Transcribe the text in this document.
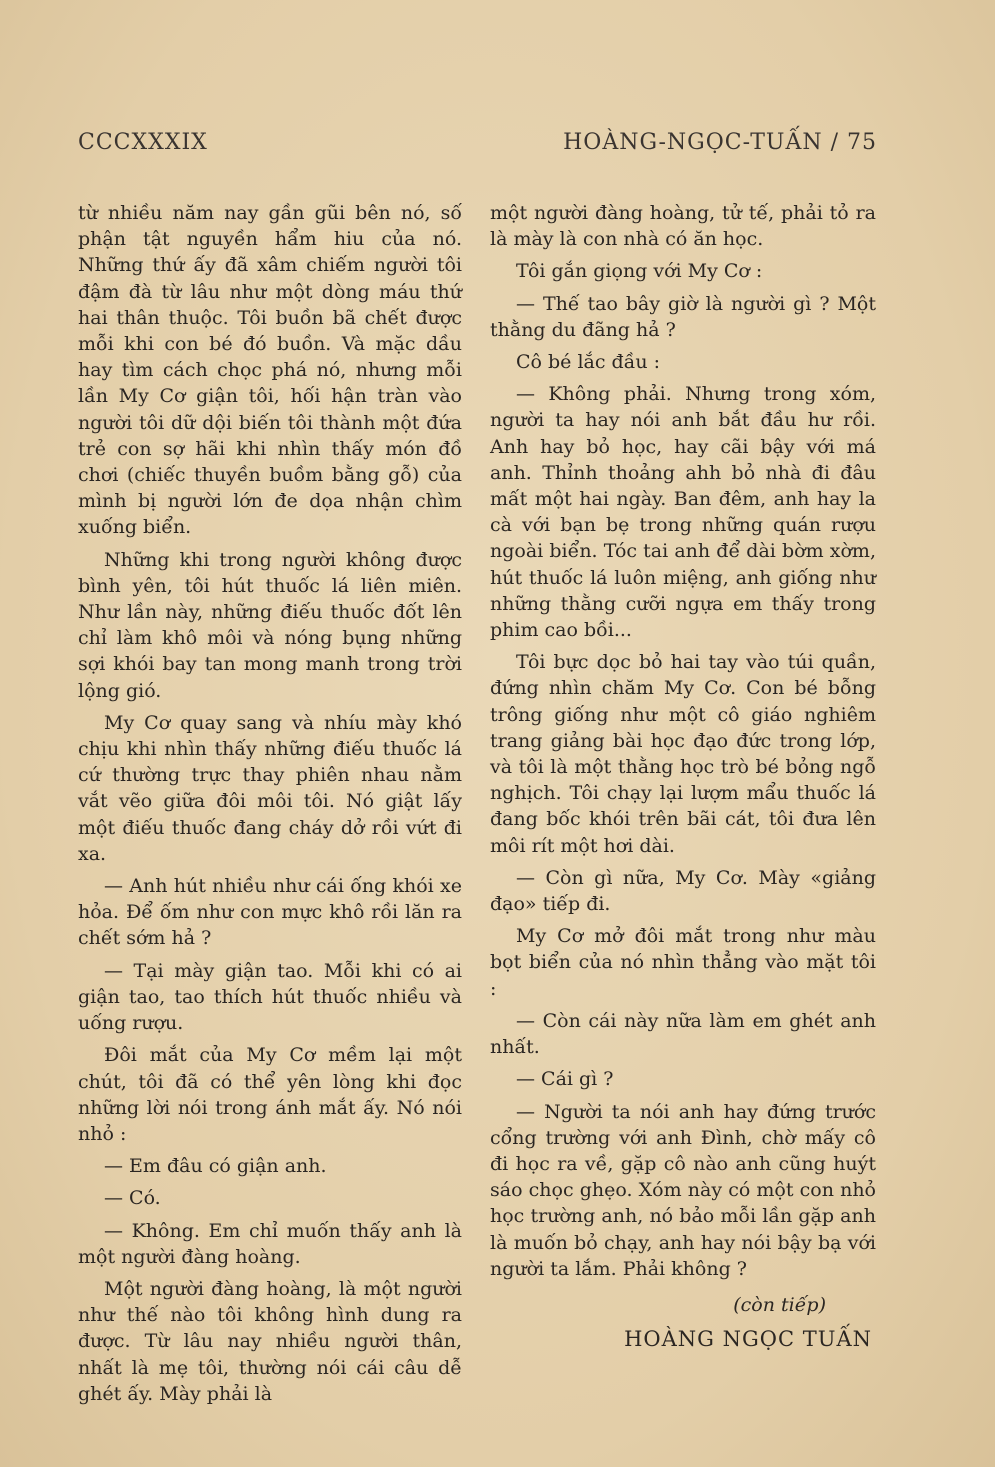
CCCXXXIX	HOÀNG-NGỌC-TUẤN / 75

từ nhiều năm nay gần gũi bên nó, số phận tật nguyền hẩm hiu của nó. Những thứ ấy đã xâm chiếm người tôi đậm đà từ lâu như một dòng máu thứ hai thân thuộc. Tôi buồn bã chết được mỗi khi con bé đó buồn. Và mặc dầu hay tìm cách chọc phá nó, nhưng mỗi lần My Cơ giận tôi, hối hận tràn vào người tôi dữ dội biến tôi thành một đứa trẻ con sợ hãi khi nhìn thấy món đồ chơi (chiếc thuyền buồm bằng gỗ) của mình bị người lớn đe dọa nhận chìm xuống biển.

Những khi trong người không được bình yên, tôi hút thuốc lá liên miên. Như lần này, những điếu thuốc đốt lên chỉ làm khô môi và nóng bụng những sợi khói bay tan mong manh trong trời lộng gió.

My Cơ quay sang và nhíu mày khó chịu khi nhìn thấy những điếu thuốc lá cứ thường trực thay phiên nhau nằm vắt vẽo giữa đôi môi tôi. Nó giật lấy một điếu thuốc đang cháy dở rồi vứt đi xa.

— Anh hút nhiều như cái ống khói xe hỏa. Để ốm như con mực khô rồi lăn ra chết sớm hả ?

— Tại mày giận tao. Mỗi khi có ai giận tao, tao thích hút thuốc nhiều và uống rượu.

Đôi mắt của My Cơ mềm lại một chút, tôi đã có thể yên lòng khi đọc những lời nói trong ánh mắt ấy. Nó nói nhỏ :

— Em đâu có giận anh.

— Có.

— Không. Em chỉ muốn thấy anh là một người đàng hoàng.

Một người đàng hoàng, là một người như thế nào tôi không hình dung ra được. Từ lâu nay nhiều người thân, nhất là mẹ tôi, thường nói cái câu dễ ghét ấy. Mày phải là

một người đàng hoàng, tử tế, phải tỏ ra là mày là con nhà có ăn học.

Tôi gắn giọng với My Cơ :

— Thế tao bây giờ là người gì ? Một thằng du đãng hả ?

Cô bé lắc đầu :

— Không phải. Nhưng trong xóm, người ta hay nói anh bắt đầu hư rồi. Anh hay bỏ học, hay cãi bậy với má anh. Thỉnh thoảng ahh bỏ nhà đi đâu mất một hai ngày. Ban đêm, anh hay la cà với bạn bẹ trong những quán rượu ngoài biển. Tóc tai anh để dài bờm xờm, hút thuốc lá luôn miệng, anh giống như những thằng cưỡi ngựa em thấy trong phim cao bồi...

Tôi bực dọc bỏ hai tay vào túi quần, đứng nhìn chăm My Cơ. Con bé bỗng trông giống như một cô giáo nghiêm trang giảng bài học đạo đức trong lớp, và tôi là một thằng học trò bé bỏng ngỗ nghịch. Tôi chạy lại lượm mẩu thuốc lá đang bốc khói trên bãi cát, tôi đưa lên môi rít một hơi dài.

— Còn gì nữa, My Cơ. Mày «giảng đạo» tiếp đi.

My Cơ mở đôi mắt trong như màu bọt biển của nó nhìn thẳng vào mặt tôi :

— Còn cái này nữa làm em ghét anh nhất.

— Cái gì ?

— Người ta nói anh hay đứng trước cổng trường với anh Đình, chờ mấy cô đi học ra về, gặp cô nào anh cũng huýt sáo chọc ghẹo. Xóm này có một con nhỏ học trường anh, nó bảo mỗi lần gặp anh là muốn bỏ chạy, anh hay nói bậy bạ với người ta lắm. Phải không ?

(còn tiếp)
HOÀNG NGỌC TUẤN
